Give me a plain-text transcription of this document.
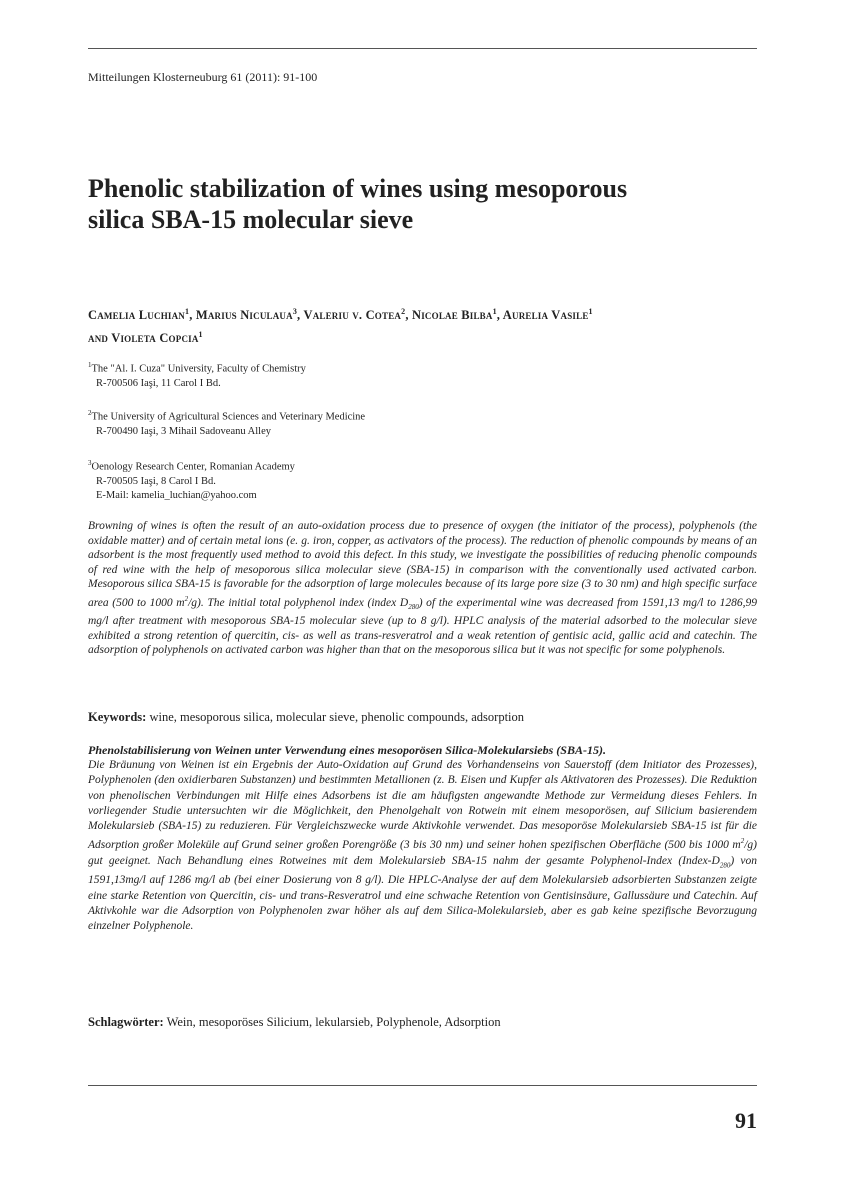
Mitteilungen Klosterneuburg 61 (2011): 91-100
Phenolic stabilization of wines using mesoporous
silica SBA-15 molecular sieve
Camelia Luchian$^1$, Marius Niculaua$^3$, Valeriu v. Cotea$^2$, Nicolae Bilba$^1$, Aurelia Vasile$^1$
and Violeta Copcia$^1$
$^1$The "Al. I. Cuza" University, Faculty of Chemistry
R-700506 Iaşi, 11 Carol I Bd.
$^2$The University of Agricultural Sciences and Veterinary Medicine
R-700490 Iaşi, 3 Mihail Sadoveanu Alley
$^3$Oenology Research Center, Romanian Academy
R-700505 Iaşi, 8 Carol I Bd.
E-Mail: kamelia_luchian@yahoo.com

Browning of wines is often the result of an auto-oxidation process due to presence of oxygen (the initiator of the process), polyphenols (the oxidable matter) and of certain metal ions (e. g. iron, copper, as activators of the process). The reduction of phenolic compounds by means of an adsorbent is the most frequently used method to avoid this defect. In this study, we investigate the possibilities of reducing phenolic compounds of red wine with the help of mesoporous silica molecular sieve (SBA-15) in comparison with the conventionally used activated carbon. Mesoporous silica SBA-15 is favorable for the adsorption of large molecules because of its large pore size (3 to 30 nm) and high specific surface area (500 to 1000 $m^2/g$). The initial total polyphenol index (index $D_{280}$) of the experimental wine was decreased from 1591,13 mg/l to 1286,99 mg/l after treatment with mesoporous SBA-15 molecular sieve (up to 8 g/l). HPLC analysis of the material adsorbed to the molecular sieve exhibited a strong retention of quercitin, cis- as well as trans-resveratrol and a weak retention of gentisic acid, gallic acid and catechin. The adsorption of polyphenols on activated carbon was higher than that on the mesoporous silica but it was not specific for some polyphenols.

Keywords: wine, mesoporous silica, molecular sieve, phenolic compounds, adsorption
Phenolstabilisierung von Weinen unter Verwendung eines mesoporösen Silica-Molekularsiebs (SBA-15).

Die Bräunung von Weinen ist ein Ergebnis der Auto-Oxidation auf Grund des Vorhandenseins von Sauerstoff (dem Initiator des Prozesses), Polyphenolen (den oxidierbaren Substanzen) und bestimmten Metallionen (z. B. Eisen und Kupfer als Aktivatoren des Prozesses). Die Reduktion von phenolischen Verbindungen mit Hilfe eines Adsorbens ist die am häufigsten angewandte Methode zur Vermeidung dieses Fehlers. In vorliegender Studie untersuchten wir die Möglichkeit, den Phenolgehalt von Rotwein mit einem mesoporösen, auf Silicium basierendem Molekularsieb (SBA-15) zu reduzieren. Für Vergleichszwecke wurde Aktivkohle verwendet. Das mesoporöse Molekularsieb SBA-15 ist für die Adsorption großer Moleküle auf Grund seiner großen Porengröße (3 bis 30 nm) und seiner hohen spezifischen Oberfläche (500 bis 1000 $m^2/g$) gut geeignet. Nach Behandlung eines Rotweines mit dem Molekularsieb SBA-15 nahm der gesamte Polyphenol-Index $(Index-D_{280})$ von 1591,13mg/l auf 1286 mg/l ab (bei einer Dosierung von 8 g/l). Die HPLC-Analyse der auf dem Molekularsieb adsorbierten Substanzen zeigte eine starke Retention von Quercitin, cis- und trans-Resveratrol und eine schwache Retention von Gentisinsäure, Gallussäure und Catechin. Auf Aktivkohle war die Adsorption von Polyphenolen zwar höher als auf dem Silica-Molekularsieb, aber es gab keine spezifische Bevorzugung einzelner Polyphenole.

Schlagwörter: Wein, mesoporöses Silicium, lekularsieb, Polyphenole, Adsorption
91
